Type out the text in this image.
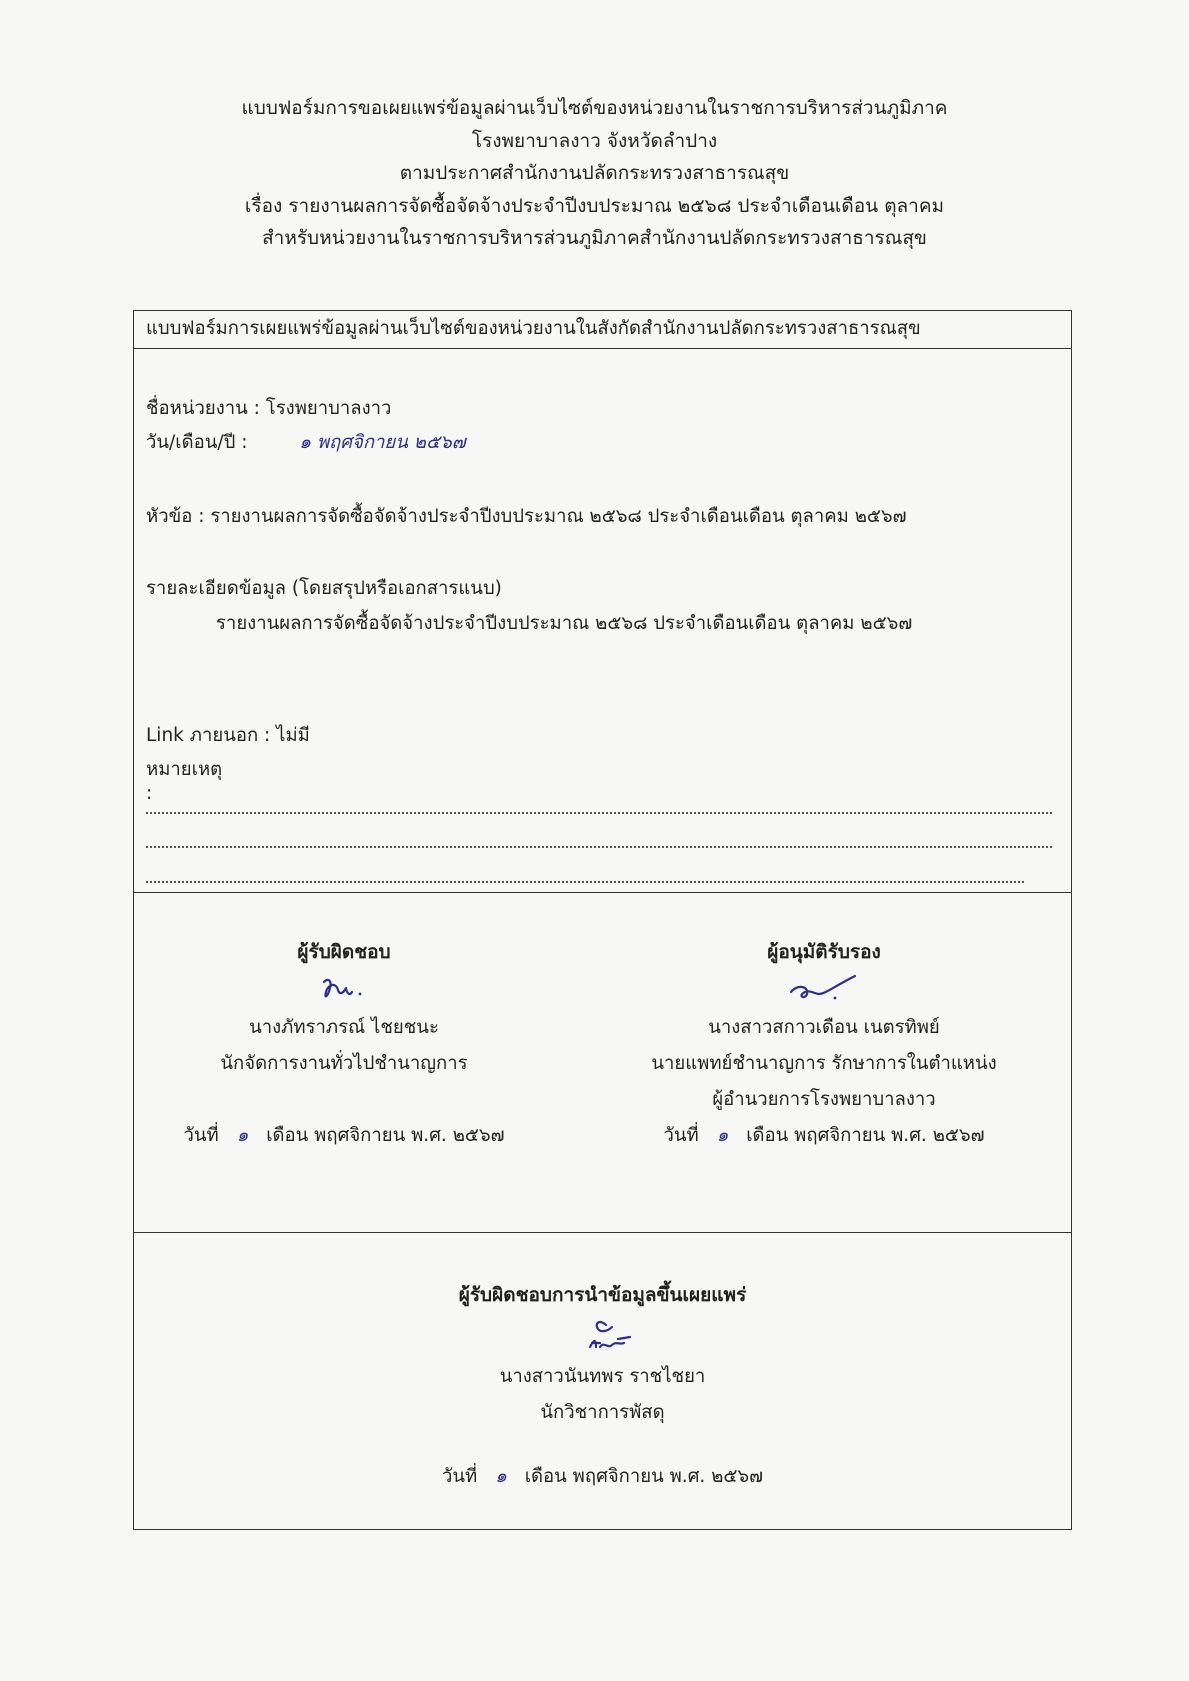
แบบฟอร์มการขอเผยแพร่ข้อมูลผ่านเว็บไซต์ของหน่วยงานในราชการบริหารส่วนภูมิภาค
โรงพยาบาลงาว จังหวัดลำปาง
ตามประกาศสำนักงานปลัดกระทรวงสาธารณสุข
เรื่อง รายงานผลการจัดซื้อจัดจ้างประจำปีงบประมาณ ๒๕๖๘ ประจำเดือนเดือน ตุลาคม
สำหรับหน่วยงานในราชการบริหารส่วนภูมิภาคสำนักงานปลัดกระทรวงสาธารณสุข
แบบฟอร์มการเผยแพร่ข้อมูลผ่านเว็บไซต์ของหน่วยงานในสังกัดสำนักงานปลัดกระทรวงสาธารณสุข
ชื่อหน่วยงาน : โรงพยาบาลงาว
วัน/เดือน/ปี :	๑ พฤศจิกายน ๒๕๖๗
หัวข้อ : รายงานผลการจัดซื้อจัดจ้างประจำปีงบประมาณ ๒๕๖๘ ประจำเดือนเดือน ตุลาคม ๒๕๖๗
รายละเอียดข้อมูล (โดยสรุปหรือเอกสารแนบ)
รายงานผลการจัดซื้อจัดจ้างประจำปีงบประมาณ ๒๕๖๘ ประจำเดือนเดือน ตุลาคม ๒๕๖๗
Link ภายนอก : ไม่มี
หมายเหตุ
:
ผู้รับผิดชอบ
นางภัทราภรณ์ ไชยชนะ
นักจัดการงานทั่วไปชำนาญการ
วันที่ ๑ เดือน พฤศจิกายน พ.ศ. ๒๕๖๗
ผู้อนุมัติรับรอง
นางสาวสกาวเดือน เนตรทิพย์
นายแพทย์ชำนาญการ รักษาการในตำแหน่ง
ผู้อำนวยการโรงพยาบาลงาว
วันที่ ๑ เดือน พฤศจิกายน พ.ศ. ๒๕๖๗
ผู้รับผิดชอบการนำข้อมูลขึ้นเผยแพร่
นางสาวนันทพร ราชไชยา
นักวิชาการพัสดุ
วันที่ ๑ เดือน พฤศจิกายน พ.ศ. ๒๕๖๗
